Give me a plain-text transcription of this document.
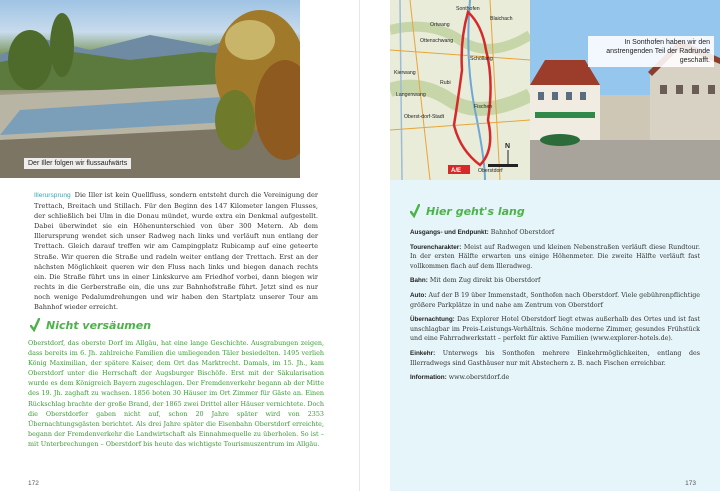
Der Iller folgen wir flussaufwärts
Illerursprung Die Iller ist kein Quellfluss, sondern entsteht durch die Vereinigung der Trettach, Breitach und Stillach. Für den Beginn des 147 Kilometer langen Flusses, der schließlich bei Ulm in die Donau mündet, wurde extra ein Denkmal aufgestellt. Dabei überwindet sie ein Höhenunterschied von über 300 Metern. Ab dem Illerursprung wendet sich unser Radweg nach links und verläuft nun entlang der Trettach. Gleich darauf treffen wir am Campingplatz Rubicamp auf eine geteerte Straße. Wir queren die Straße und radeln weiter entlang der Trettach. Erst an der nächsten Möglichkeit queren wir den Fluss nach links und biegen danach rechts ein. Die Straße führt uns in einer Linkskurve am Friedhof vorbei, dann biegen wir rechts in die Gerberstraße ein, die uns zur Bahnhofstraße führt. Jetzt sind es nur noch wenige Pedalumdrehungen und wir haben den Startplatz unserer Tour am Bahnhof wieder erreicht.
Nicht versäumen
Oberstdorf, das oberste Dorf im Allgäu, hat eine lange Geschichte. Ausgrabungen zeigen, dass bereits im 6. Jh. zahlreiche Familien die umliegenden Täler besiedelten. 1495 verlieh König Maximilian, der spätere Kaiser, dem Ort das Marktrecht. Damals, im 15. Jh., kam Oberstdorf unter die Herrschaft der Augsburger Bischöfe. Erst mit der Säkularisation wurde es dem Königreich Bayern zugeschlagen. Der Fremdenverkehr begann ab der Mitte des 19. Jh. zaghaft zu wachsen. 1856 boten 30 Häuser im Ort Zimmer für Gäste an. Einen Rückschlag brachte der große Brand, der 1865 zwei Drittel aller Häuser vernichtete. Doch die Oberstdorfer gaben nicht auf, schon 20 Jahre später wird von 2353 Übernachtungsgästen berichtet. Als drei Jahre später die Eisenbahn Oberstdorf erreichte, begann der Fremdenverkehr die Landwirtschaft als Einnahmequelle zu überholen. So ist – mit Unterbrechungen – Oberstdorf bis heute das wichtigste Tourismuszentrum im Allgäu.
172
Sonthofen
Ortwang
Ottenschwang
Schöllang
Rubi
Fischen
Oberstdorf
Oberst-dorf-Stadt
Kierwang
Langenwang
Blaichach
A/E
N
In Sonthofen haben wir den anstrengenden Teil der Radrunde geschafft.
Hier geht's lang

Ausgangs- und Endpunkt: Bahnhof Oberstdorf

Tourencharakter: Meist auf Radwegen und kleinen Nebenstraßen verläuft diese Rundtour. In der ersten Hälfte erwarten uns einige Höhenmeter. Die zweite Hälfte verläuft fast vollkommen flach auf dem Illeradweg.

Bahn: Mit dem Zug direkt bis Oberstdorf

Auto: Auf der B 19 über Immenstadt, Sonthofen nach Oberstdorf. Viele gebührenpflichtige größere Parkplätze in und nahe am Zentrum von Oberstdorf

Übernachtung: Das Explorer Hotel Oberstdorf liegt etwas außerhalb des Ortes und ist fast unschlagbar im Preis-Leistungs-Verhältnis. Schöne moderne Zimmer, gesundes Frühstück und eine Fahrradwerkstatt – perfekt für aktive Familien (www.explorer-hotels.de).

Einkehr: Unterwegs bis Sonthofen mehrere Einkehrmöglichkeiten, entlang des Illerradwegs sind Gasthäuser nur mit Abstechern z. B. nach Fischen erreichbar.

Information: www.oberstdorf.de

173
